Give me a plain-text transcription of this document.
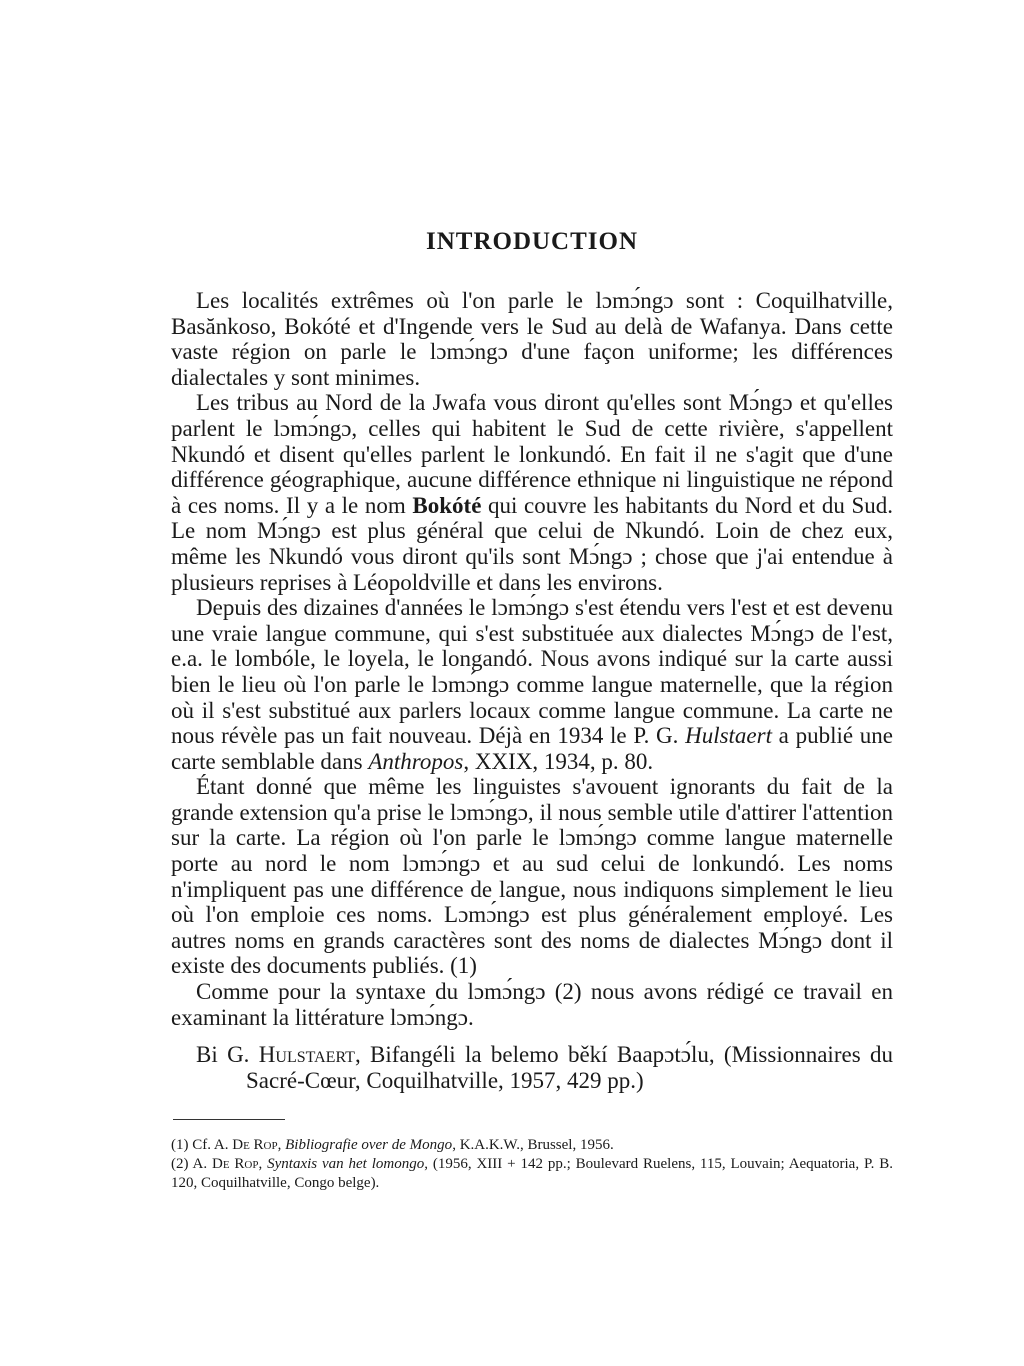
INTRODUCTION

Les localités extrêmes où l'on parle le lɔmɔ́ngɔ sont : Coquilhatville, Basănkoso, Bokóté et d'Ingende vers le Sud au delà de Wafanya. Dans cette vaste région on parle le lɔmɔ́ngɔ d'une façon uniforme; les différences dialectales y sont minimes.

Les tribus au Nord de la Jwafa vous diront qu'elles sont Mɔ́ngɔ et qu'elles parlent le lɔmɔ́ngɔ, celles qui habitent le Sud de cette rivière, s'appellent Nkundó et disent qu'elles parlent le lonkundó. En fait il ne s'agit que d'une différence géographique, aucune différence ethnique ni linguistique ne répond à ces noms. Il y a le nom Bokóté qui couvre les habitants du Nord et du Sud. Le nom Mɔ́ngɔ est plus général que celui de Nkundó. Loin de chez eux, même les Nkundó vous diront qu'ils sont Mɔ́ngɔ ; chose que j'ai entendue à plusieurs reprises à Léopoldville et dans les environs.

Depuis des dizaines d'années le lɔmɔ́ngɔ s'est étendu vers l'est et est devenu une vraie langue commune, qui s'est substituée aux dialectes Mɔ́ngɔ de l'est, e.a. le lombóle, le loyela, le longandó. Nous avons indiqué sur la carte aussi bien le lieu où l'on parle le lɔmɔ́ngɔ comme langue maternelle, que la région où il s'est substitué aux parlers locaux comme langue commune. La carte ne nous révèle pas un fait nouveau. Déjà en 1934 le P. G. Hulstaert a publié une carte semblable dans Anthropos, XXIX, 1934, p. 80.

Étant donné que même les linguistes s'avouent ignorants du fait de la grande extension qu'a prise le lɔmɔ́ngɔ, il nous semble utile d'attirer l'attention sur la carte. La région où l'on parle le lɔmɔ́ngɔ comme langue maternelle porte au nord le nom lɔmɔ́ngɔ et au sud celui de lonkundó. Les noms n'impliquent pas une différence de langue, nous indiquons simplement le lieu où l'on emploie ces noms. Lɔmɔ́ngɔ est plus généralement employé. Les autres noms en grands caractères sont des noms de dialectes Mɔ́ngɔ dont il existe des documents publiés. (1)

Comme pour la syntaxe du lɔmɔ́ngɔ (2) nous avons rédigé ce travail en examinant la littérature lɔmɔ́ngɔ.

Bi G. Hulstaert, Bifangéli la belemo běkí Baapɔtɔ́lu, (Missionnaires du Sacré-Cœur, Coquilhatville, 1957, 429 pp.)

(1) Cf. A. De Rop, Bibliografie over de Mongo, K.A.K.W., Brussel, 1956.

(2) A. De Rop, Syntaxis van het lomongo, (1956, XIII + 142 pp.; Boulevard Ruelens, 115, Louvain; Aequatoria, P. B. 120, Coquilhatville, Congo belge).
